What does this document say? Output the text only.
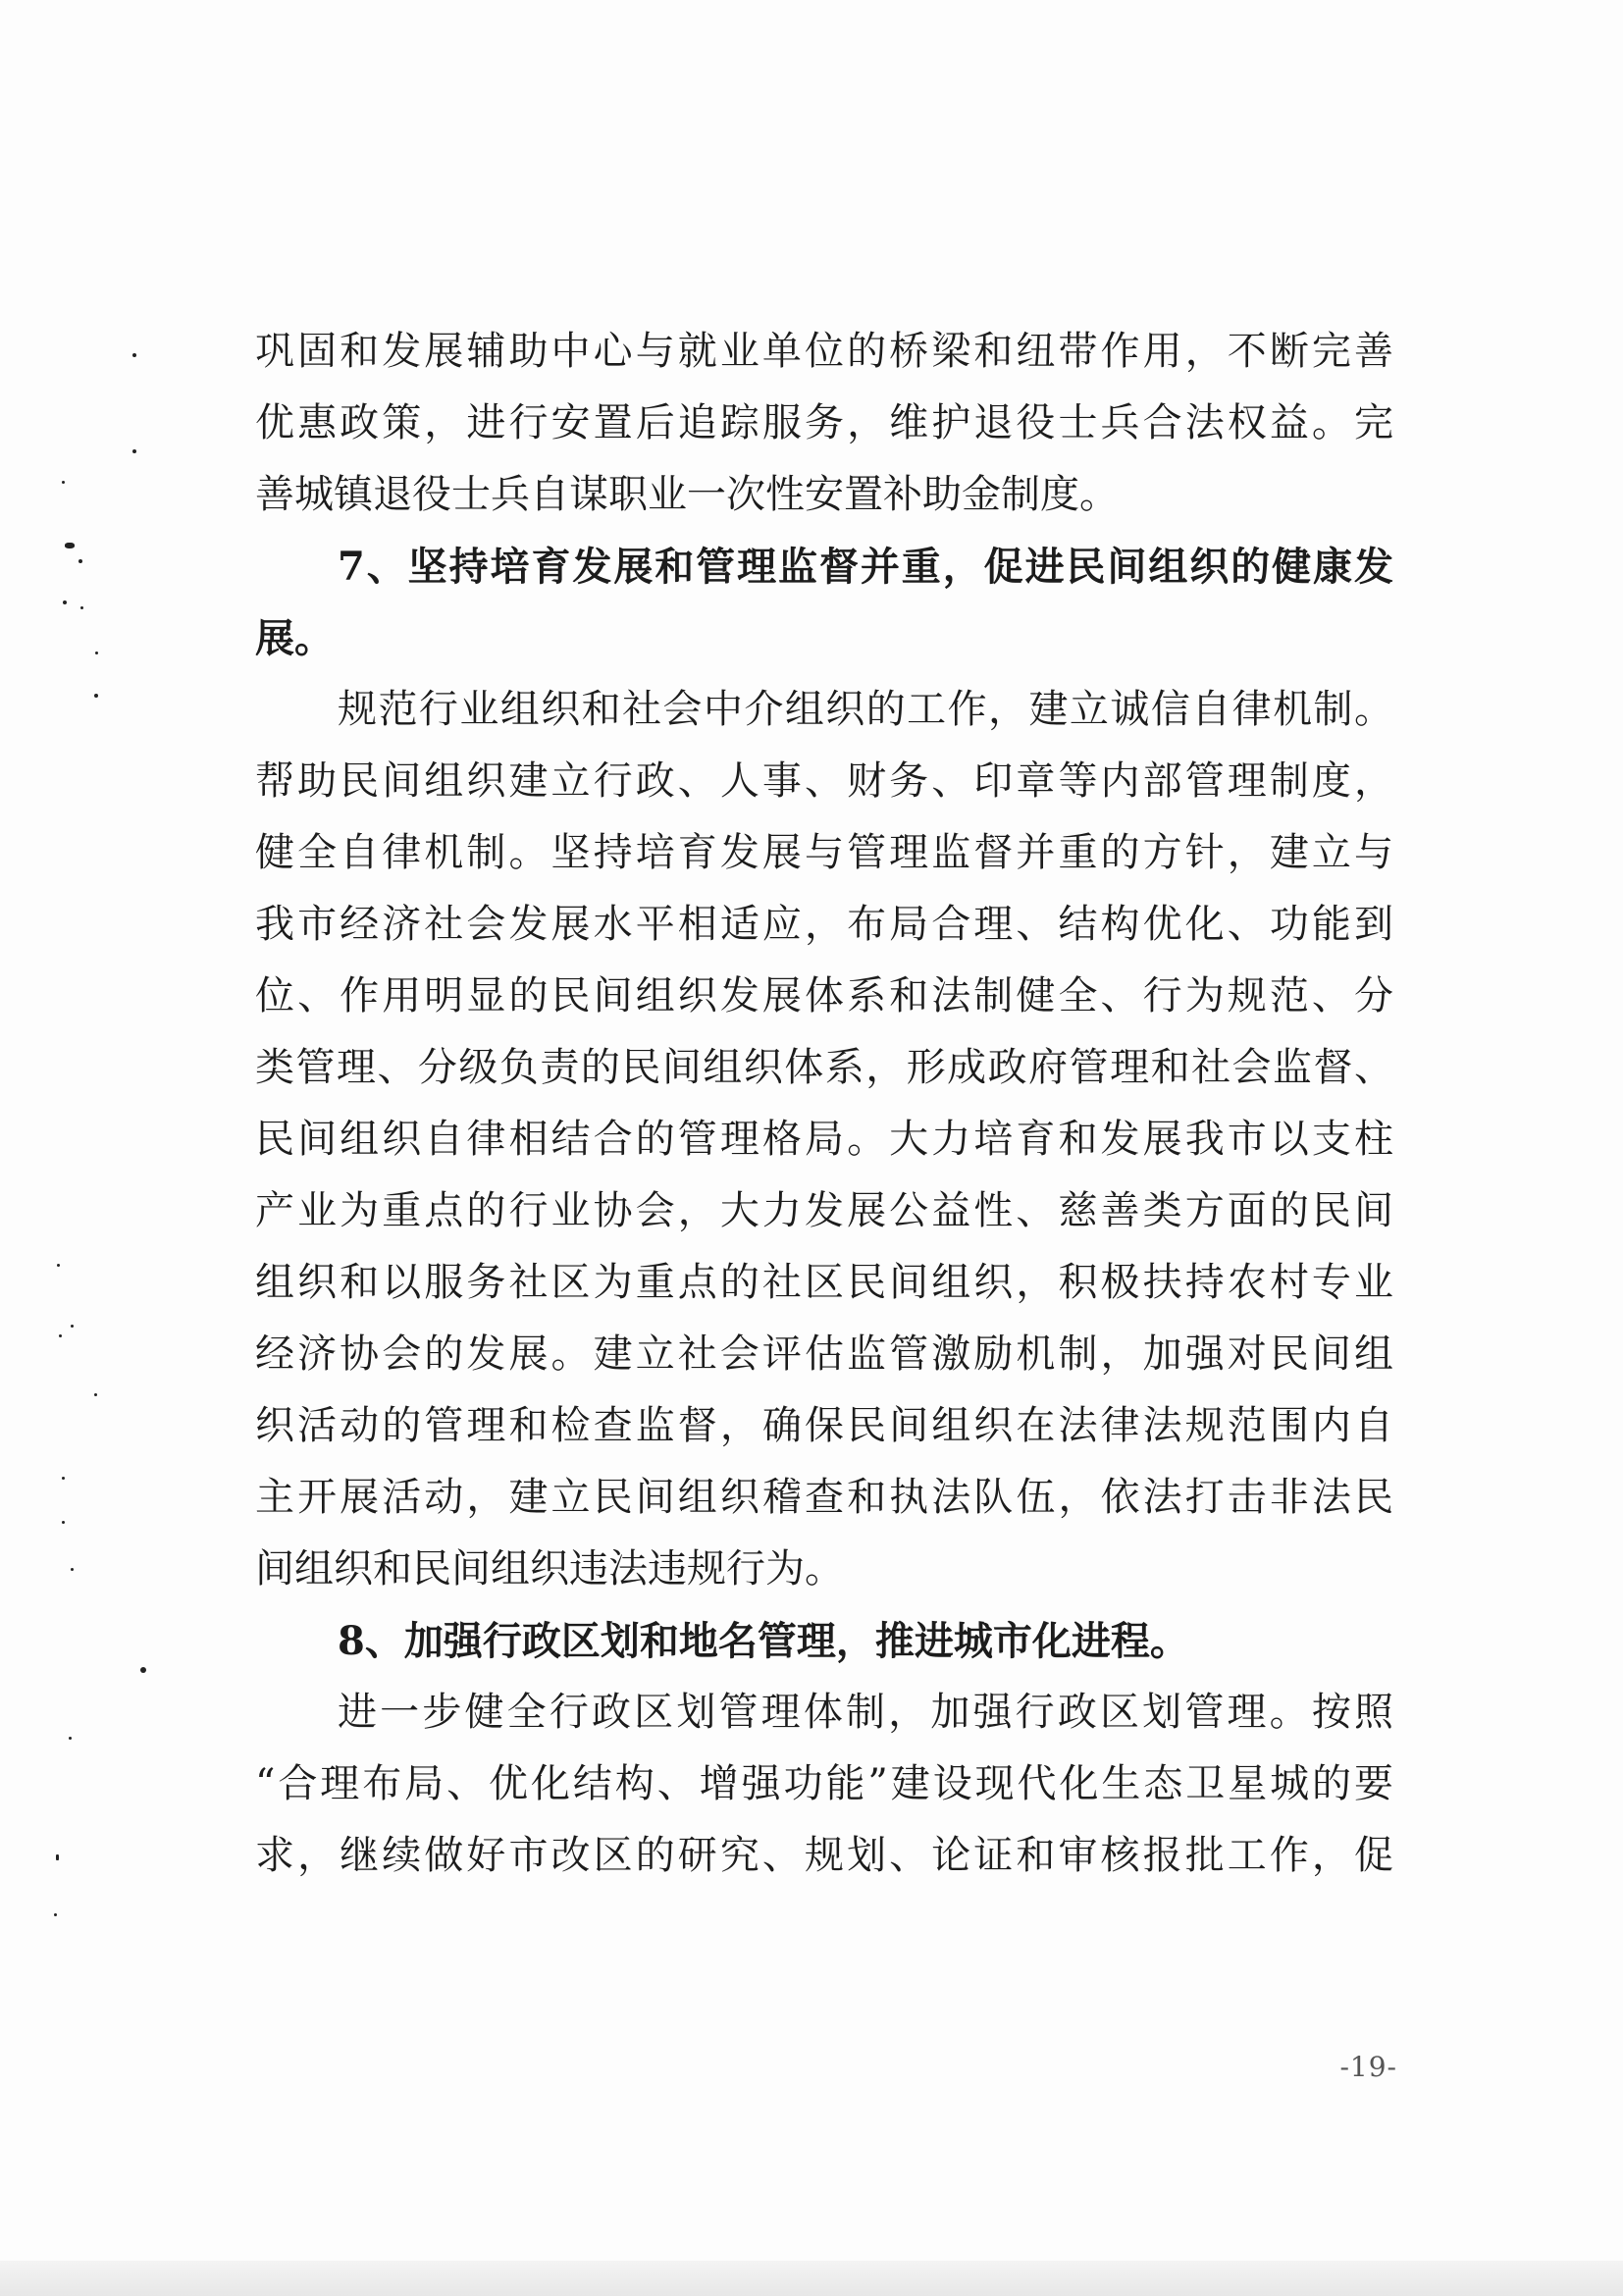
巩固和发展辅助中心与就业单位的桥梁和纽带作用，不断完善
优惠政策，进行安置后追踪服务，维护退役士兵合法权益。完
善城镇退役士兵自谋职业一次性安置补助金制度。
7、坚持培育发展和管理监督并重，促进民间组织的健康发
展。
规范行业组织和社会中介组织的工作，建立诚信自律机制。
帮助民间组织建立行政、人事、财务、印章等内部管理制度，
健全自律机制。坚持培育发展与管理监督并重的方针，建立与
我市经济社会发展水平相适应，布局合理、结构优化、功能到
位、作用明显的民间组织发展体系和法制健全、行为规范、分
类管理、分级负责的民间组织体系，形成政府管理和社会监督、
民间组织自律相结合的管理格局。大力培育和发展我市以支柱
产业为重点的行业协会，大力发展公益性、慈善类方面的民间
组织和以服务社区为重点的社区民间组织，积极扶持农村专业
经济协会的发展。建立社会评估监管激励机制，加强对民间组
织活动的管理和检查监督，确保民间组织在法律法规范围内自
主开展活动，建立民间组织稽查和执法队伍，依法打击非法民
间组织和民间组织违法违规行为。
8、加强行政区划和地名管理，推进城市化进程。
进一步健全行政区划管理体制，加强行政区划管理。按照
“合理布局、优化结构、增强功能”建设现代化生态卫星城的要
求，继续做好市改区的研究、规划、论证和审核报批工作，促
-19-
